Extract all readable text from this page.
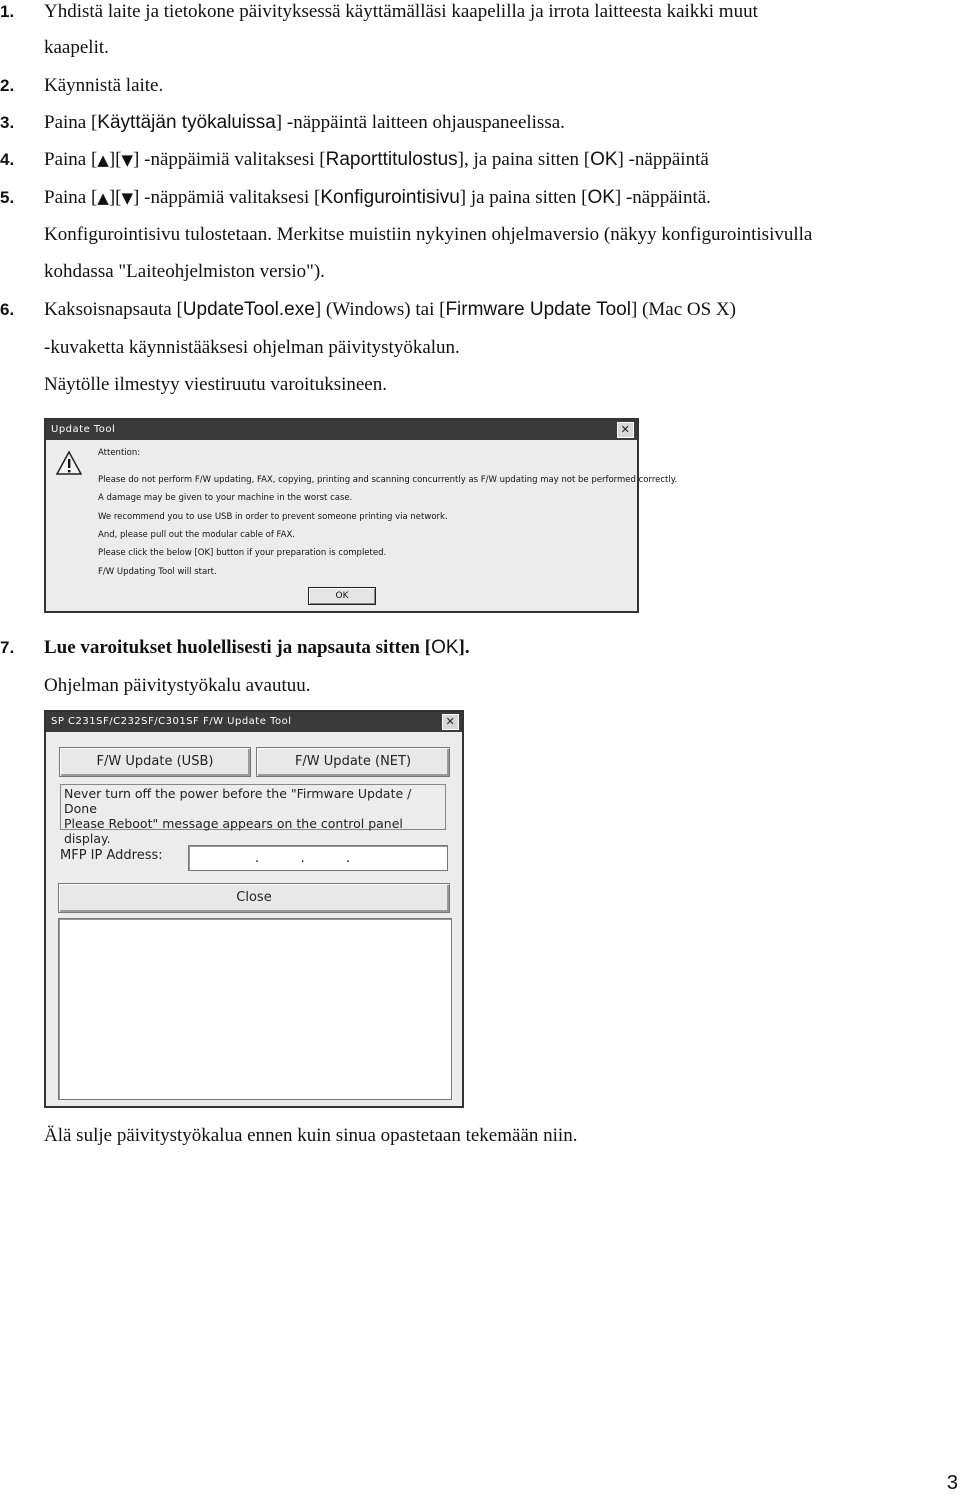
1.	Yhdistä laite ja tietokone päivityksessä käyttämälläsi kaapelilla ja irrota laitteesta kaikki muut
kaapelit.
2.	Käynnistä laite.
3.	Paina [Käyttäjän työkaluissa] -näppäintä laitteen ohjauspaneelissa.
4.	Paina [▲][▼] -näppäimiä valitaksesi [Raporttitulostus], ja paina sitten [OK] -näppäintä
5.	Paina [▲][▼] -näppämiä valitaksesi [Konfigurointisivu] ja paina sitten [OK] -näppäintä.
Konfigurointisivu tulostetaan. Merkitse muistiin nykyinen ohjelmaversio (näkyy konfigurointisivulla
kohdassa "Laiteohjelmiston versio").
6.	Kaksoisnapsauta [UpdateTool.exe] (Windows) tai [Firmware Update Tool] (Mac OS X)
-kuvaketta käynnistääksesi ohjelman päivitystyökalun.
Näytölle ilmestyy viestiruutu varoituksineen.
Update Tool	✕
Attention:
Please do not perform F/W updating, FAX, copying, printing and scanning concurrently as F/W updating may not be performed correctly.
A damage may be given to your machine in the worst case.
We recommend you to use USB in order to prevent someone printing via network.
And, please pull out the modular cable of FAX.
Please click the below [OK] button if your preparation is completed.
F/W Updating Tool will start.
OK
7.	Lue varoitukset huolellisesti ja napsauta sitten [OK].
Ohjelman päivitystyökalu avautuu.
SP C231SF/C232SF/C301SF F/W Update Tool	✕
F/W Update (USB)	F/W Update (NET)
Never turn off the power before the "Firmware Update / Done
Please Reboot" message appears on the control panel display.
MFP IP Address:	.          .          .
Close
Älä sulje päivitystyökalua ennen kuin sinua opastetaan tekemään niin.
3
